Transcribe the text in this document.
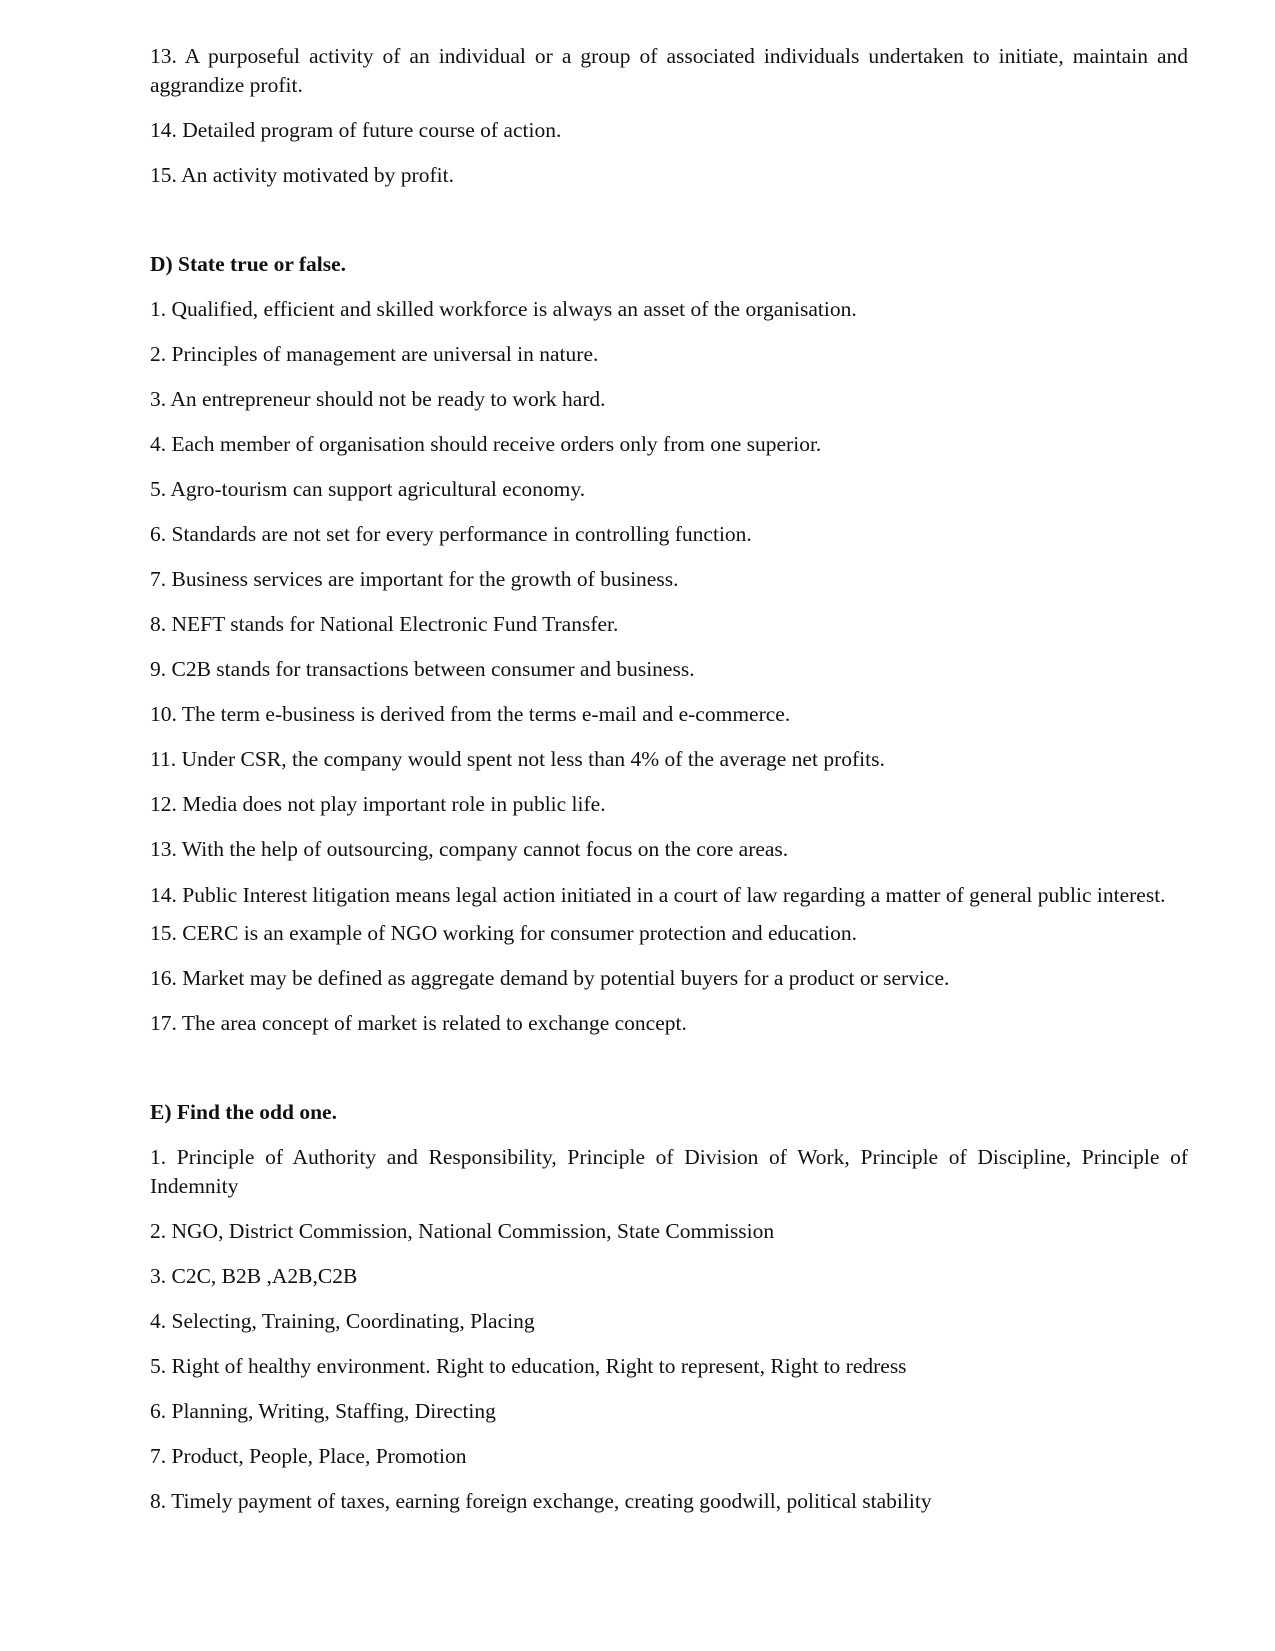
13. A purposeful activity of an individual or a group of associated individuals undertaken to initiate, maintain and aggrandize profit.

14. Detailed program of future course of action.

15. An activity motivated by profit.

D) State true or false.

1. Qualified, efficient and skilled workforce is always an asset of the organisation.

2. Principles of management are universal in nature.

3. An entrepreneur should not be ready to work hard.

4. Each member of organisation should receive orders only from one superior.

5. Agro-tourism can support agricultural economy.

6. Standards are not set for every performance in controlling function.

7. Business services are important for the growth of business.

8. NEFT stands for National Electronic Fund Transfer.

9. C2B stands for transactions between consumer and business.

10. The term e-business is derived from the terms e-mail and e-commerce.

11. Under CSR, the company would spent not less than 4% of the average net profits.

12. Media does not play important role in public life.

13. With the help of outsourcing, company cannot focus on the core areas.

14. Public Interest litigation means legal action initiated in a court of law regarding a matter of general public interest.

15. CERC is an example of NGO working for consumer protection and education.

16. Market may be defined as aggregate demand by potential buyers for a product or service.

17. The area concept of market is related to exchange concept.

E) Find the odd one.

1. Principle of Authority and Responsibility, Principle of Division of Work, Principle of Discipline, Principle of Indemnity

2. NGO, District Commission, National Commission, State Commission

3. C2C, B2B ,A2B,C2B

4. Selecting, Training, Coordinating, Placing

5. Right of healthy environment. Right to education, Right to represent, Right to redress

6. Planning, Writing, Staffing, Directing

7. Product, People, Place, Promotion

8. Timely payment of taxes, earning foreign exchange, creating goodwill, political stability
